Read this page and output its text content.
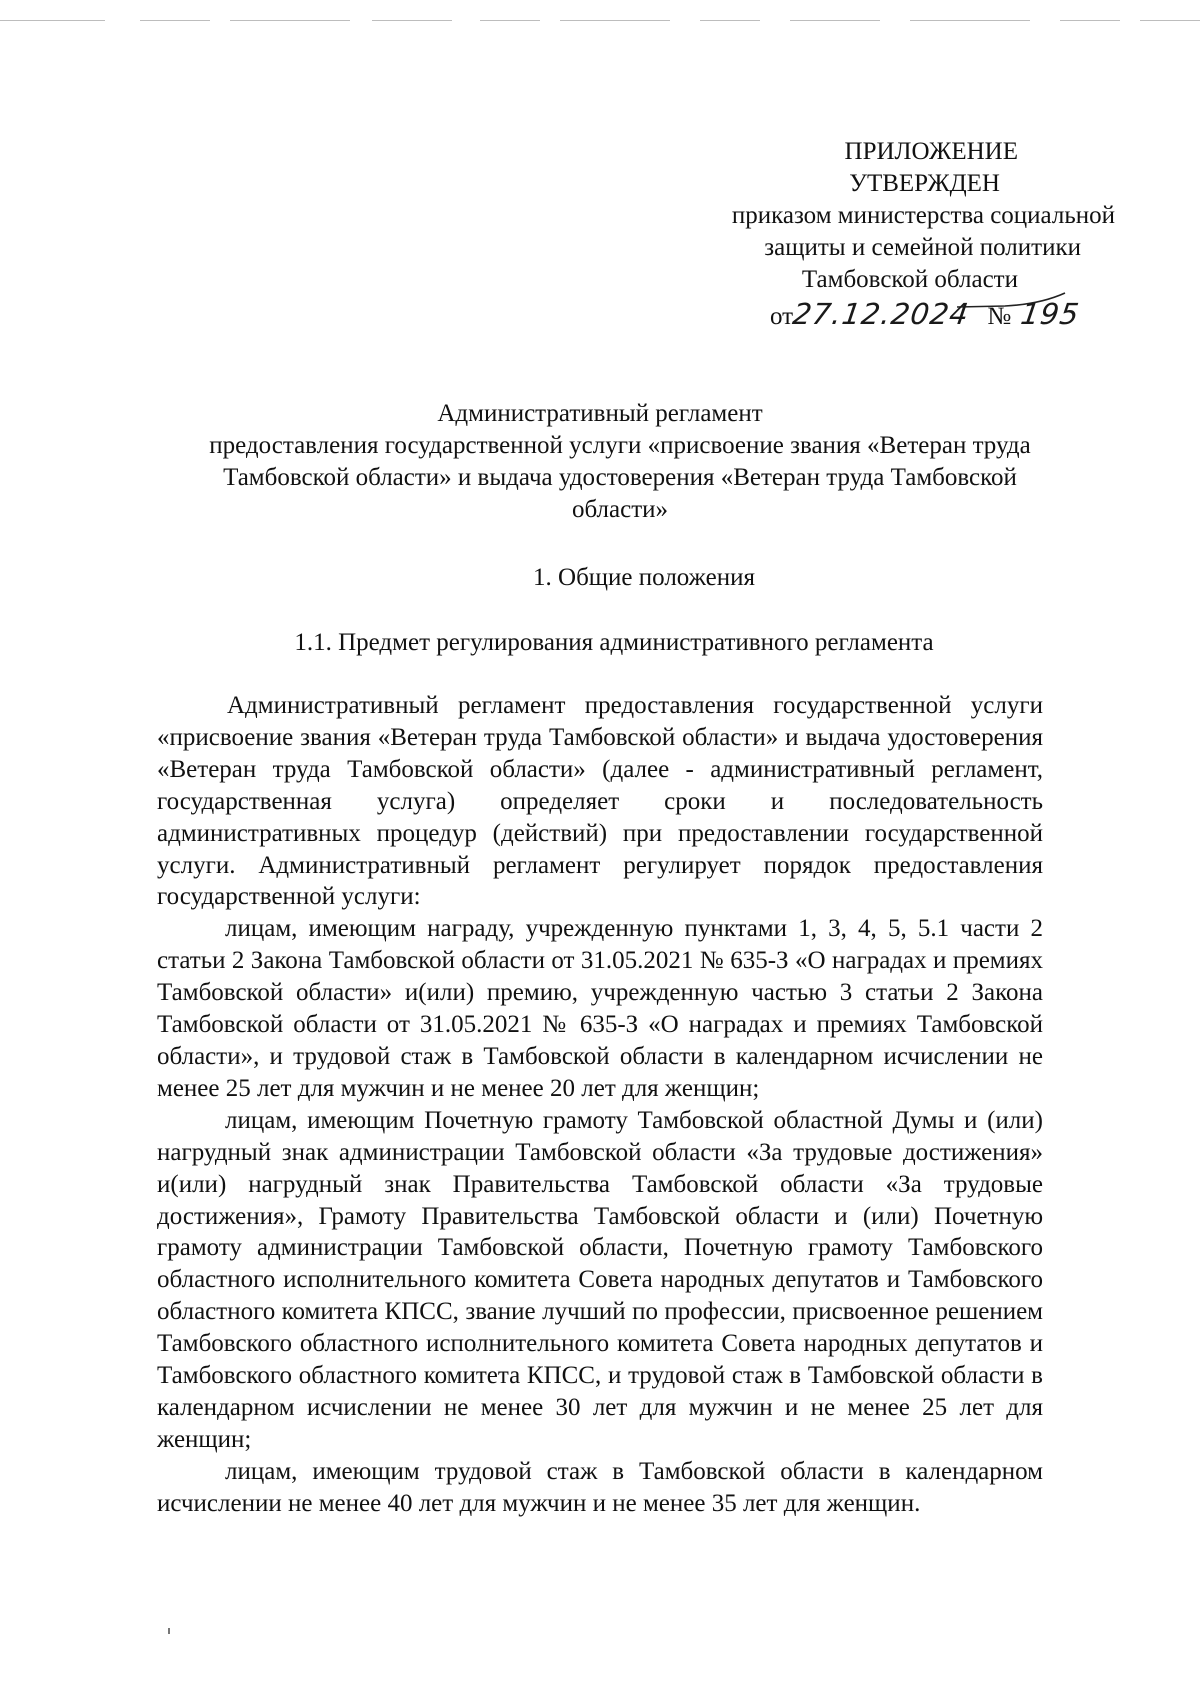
ПРИЛОЖЕНИЕ
УТВЕРЖДЕН
приказом министерства социальной
защиты и семейной политики
Тамбовской области
от27.12.2024 № 195
Административный регламент
предоставления государственной услуги «присвоение звания «Ветеран труда Тамбовской области» и выдача удостоверения «Ветеран труда Тамбовской области»
1. Общие положения
1.1. Предмет регулирования административного регламента

Административный регламент предоставления государственной услуги «присвоение звания «Ветеран труда Тамбовской области» и выдача удостоверения «Ветеран труда Тамбовской области» (далее - административный регламент, государственная услуга) определяет сроки и последовательность административных процедур (действий) при предоставлении государственной услуги. Административный регламент регулирует порядок предоставления государственной услуги:

лицам, имеющим награду, учрежденную пунктами 1, 3, 4, 5, 5.1 части 2 статьи 2 Закона Тамбовской области от 31.05.2021 № 635-З «О наградах и премиях Тамбовской области» и(или) премию, учрежденную частью 3 статьи 2 Закона Тамбовской области от 31.05.2021 № 635-З «О наградах и премиях Тамбовской области», и трудовой стаж в Тамбовской области в календарном исчислении не менее 25 лет для мужчин и не менее 20 лет для женщин;

лицам, имеющим Почетную грамоту Тамбовской областной Думы и (или) нагрудный знак администрации Тамбовской области «За трудовые достижения» и(или) нагрудный знак Правительства Тамбовской области «За трудовые достижения», Грамоту Правительства Тамбовской области и (или) Почетную грамоту администрации Тамбовской области, Почетную грамоту Тамбовского областного исполнительного комитета Совета народных депутатов и Тамбовского областного комитета КПСС, звание лучший по профессии, присвоенное решением Тамбовского областного исполнительного комитета Совета народных депутатов и Тамбовского областного комитета КПСС, и трудовой стаж в Тамбовской области в календарном исчислении не менее 30 лет для мужчин и не менее 25 лет для женщин;

лицам, имеющим трудовой стаж в Тамбовской области в календарном исчислении не менее 40 лет для мужчин и не менее 35 лет для женщин.
